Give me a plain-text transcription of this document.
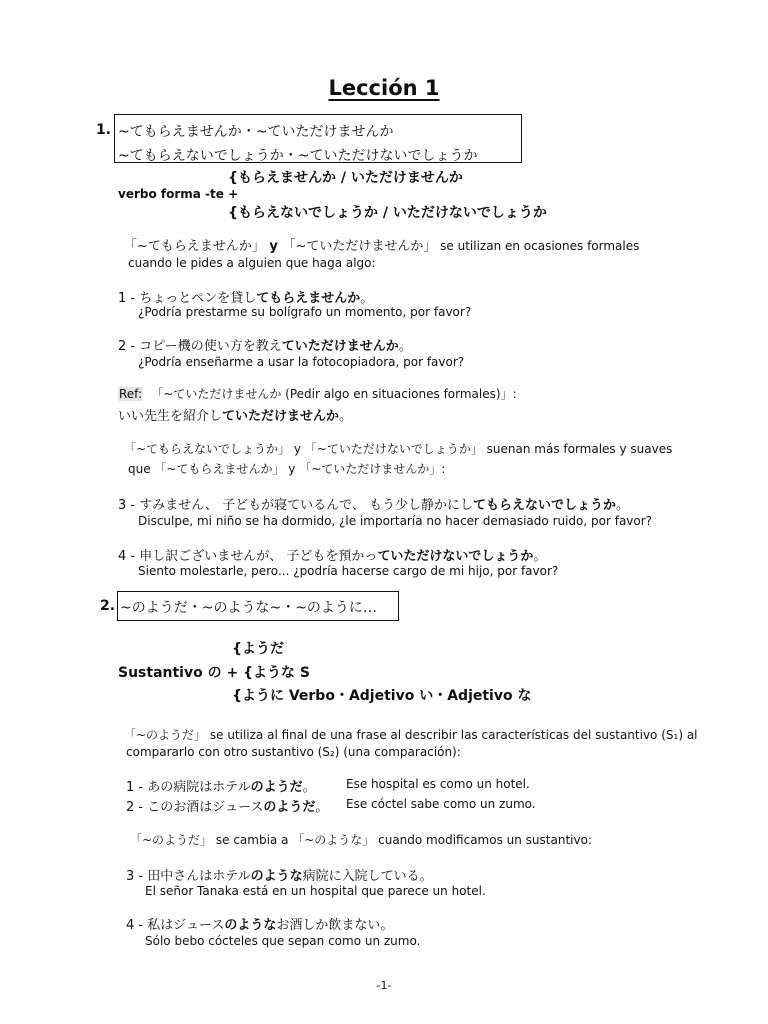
Lección 1
1. ~てもらえませんか・~ていただけませんか
~てもらえないでしょうか・~ていただけないでしょうか
{もらえませんか / いただけませんか
verbo forma -te +
{もらえないでしょうか / いただけないでしょうか
「~てもらえませんか」 y 「~ていただけませんか」 se utilizan en ocasiones formales
cuando le pides a alguien que haga algo:
1 - ちょっとペンを貸してもらえませんか。
¿Podría prestarme su bolígrafo un momento, por favor?
2 - コピー機の使い方を教えていただけませんか。
¿Podría enseñarme a usar la fotocopiadora, por favor?
Ref: 「~ていただけませんか (Pedir algo en situaciones formales)」:
いい先生を紹介していただけませんか。
「~てもらえないでしょうか」 y 「~ていただけないでしょうか」 suenan más formales y suaves
que 「~てもらえませんか」 y 「~ていただけませんか」:
3 - すみません、 子どもが寝ているんで、 もう少し静かにしてもらえないでしょうか。
Disculpe, mi niño se ha dormido, ¿le importaría no hacer demasiado ruido, por favor?
4 - 申し訳ございませんが、 子どもを預かっていただけないでしょうか。
Siento molestarle, pero... ¿podría hacerse cargo de mi hijo, por favor?
2. ~のようだ・~のような~・~のように…
{ようだ
Sustantivo の + {ような S
{ように Verbo・Adjetivo い・Adjetivo な
「~のようだ」 se utiliza al final de una frase al describir las características del sustantivo (S₁) al
compararlo con otro sustantivo (S₂) (una comparación):
1 - あの病院はホテルのようだ。	Ese hospital es como un hotel.
2 - このお酒はジュースのようだ。 Ese cóctel sabe como un zumo.
「~のようだ」 se cambia a 「~のような」 cuando modificamos un sustantivo:
3 - 田中さんはホテルのような病院に入院している。
El señor Tanaka está en un hospital que parece un hotel.
4 - 私はジュースのようなお酒しか飲まない。
Sólo bebo cócteles que sepan como un zumo.
-1-
